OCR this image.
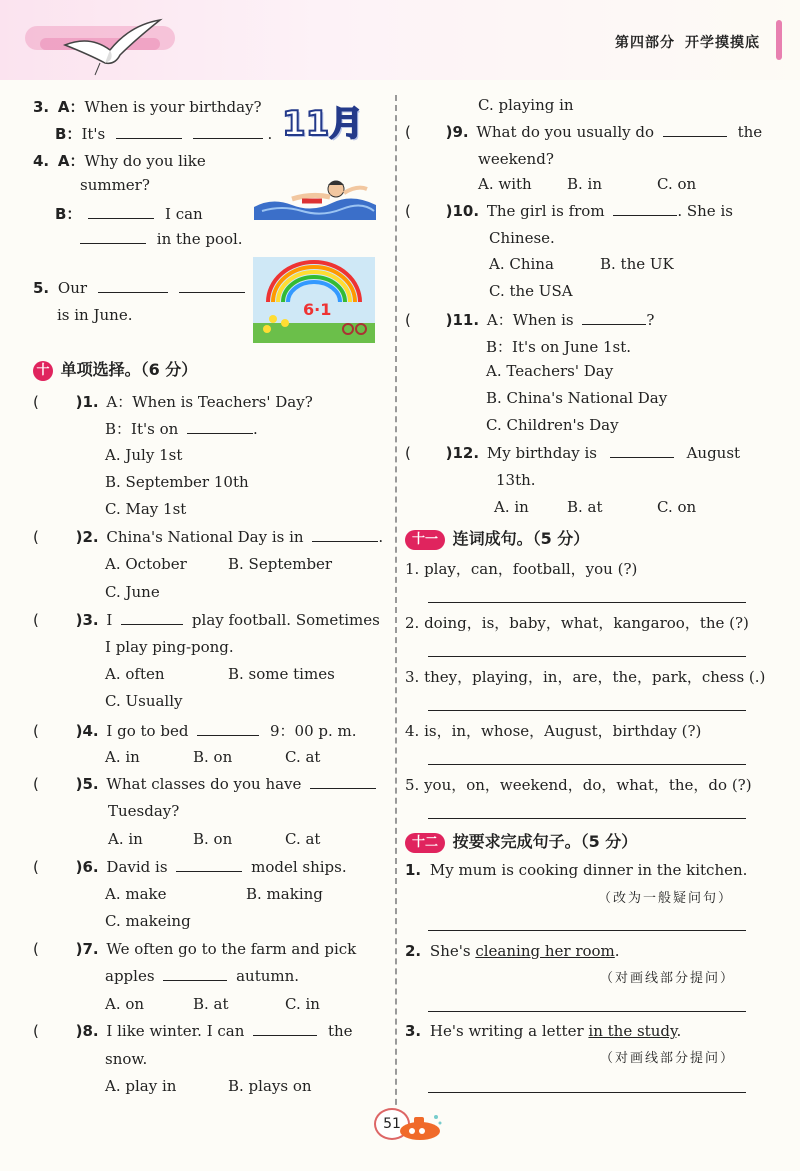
第四部分 开学摸摸底
3. A：When is your birthday?
B：It's	. 11月
4. A：Why do you like
summer?
B：	I can
in the pool.
5. Our
is in June.	6·1
十 单项选择。（6 分）
( )1. A：When is Teachers' Day?
B：It's on	.
A. July 1st
B. September 10th
C. May 1st
( )2. China's National Day is in	.
A. October	B. September
C. June
( )3. I	play football. Sometimes
I play ping-pong.
A. often	B. some times
C. Usually
( )4. I go to bed	9：00 p. m.
A. in	B. on	C. at
( )5. What classes do you have
Tuesday?
A. in	B. on	C. at
( )6. David is	model ships.
A. make	B. making
C. makeing
( )7. We often go to the farm and pick
apples	autumn.
A. on	B. at	C. in
( )8. I like winter. I can	the
snow.
A. play in	B. plays on
C. playing in
( )9. What do you usually do	the
weekend?
A. with B. in	C. on
( )10. The girl is from	. She is
Chinese.
A. China	B. the UK
C. the USA
( )11. A：When is	?
B：It's on June 1st.
A. Teachers' Day
B. China's National Day
C. Children's Day
( )12. My birthday is	August
13th.
A. in	B. at	C. on
十一 连词成句。（5 分）
1. play，can，football，you (?)
2. doing，is，baby，what，kangaroo，the (?)
3. they，playing，in，are，the，park，chess (.)
4. is，in，whose，August，birthday (?)
5. you，on，weekend，do，what，the，do (?)
十二 按要求完成句子。（5 分）
1. My mum is cooking dinner in the kitchen.
（改为一般疑问句）
2. She's cleaning her room.
（对画线部分提问）
3. He's writing a letter in the study.
（对画线部分提问）
51
